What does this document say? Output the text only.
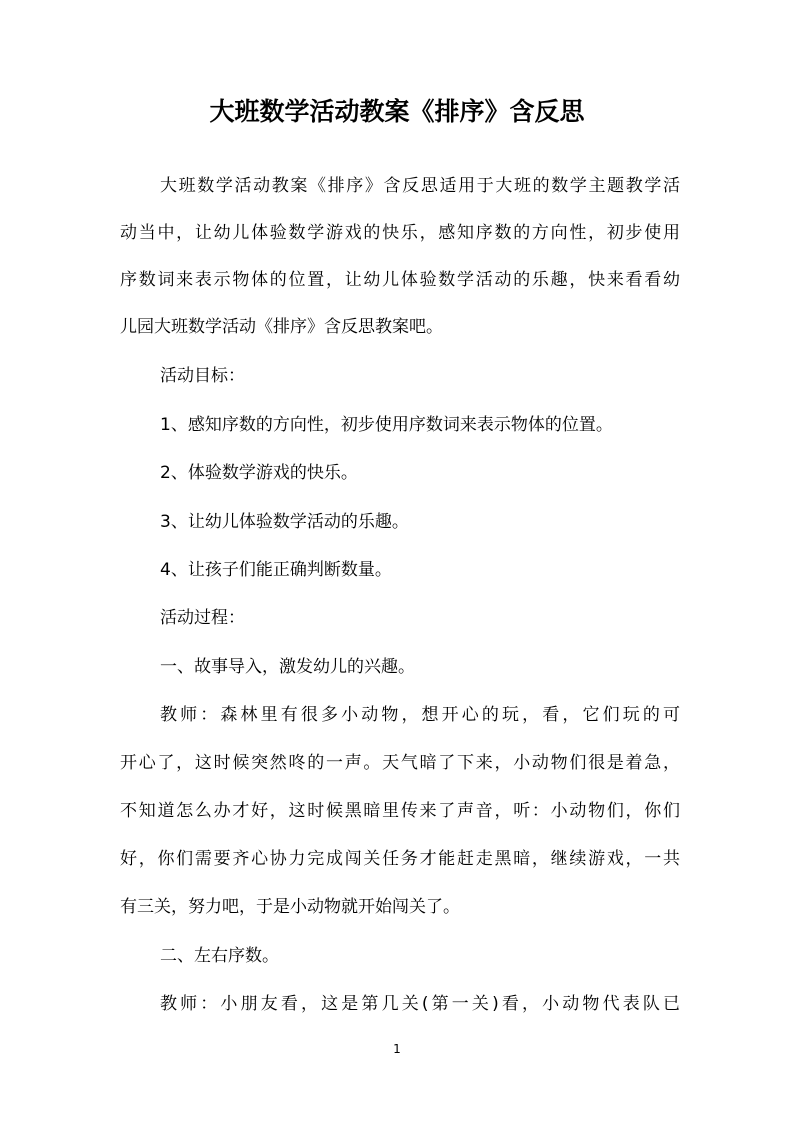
大班数学活动教案《排序》含反思
大班数学活动教案《排序》含反思适用于大班的数学主题教学活
动当中，让幼儿体验数学游戏的快乐，感知序数的方向性，初步使用
序数词来表示物体的位置，让幼儿体验数学活动的乐趣，快来看看幼
儿园大班数学活动《排序》含反思教案吧。
活动目标：
1、感知序数的方向性，初步使用序数词来表示物体的位置。
2、体验数学游戏的快乐。
3、让幼儿体验数学活动的乐趣。
4、让孩子们能正确判断数量。
活动过程：
一、故事导入，激发幼儿的兴趣。
教师：森林里有很多小动物，想开心的玩，看，它们玩的可
开心了，这时候突然咚的一声。天气暗了下来，小动物们很是着急，
不知道怎么办才好，这时候黑暗里传来了声音，听：小动物们，你们
好，你们需要齐心协力完成闯关任务才能赶走黑暗，继续游戏，一共
有三关，努力吧，于是小动物就开始闯关了。
二、左右序数。
教师：小朋友看，这是第几关(第一关)看，小动物代表队已
1
